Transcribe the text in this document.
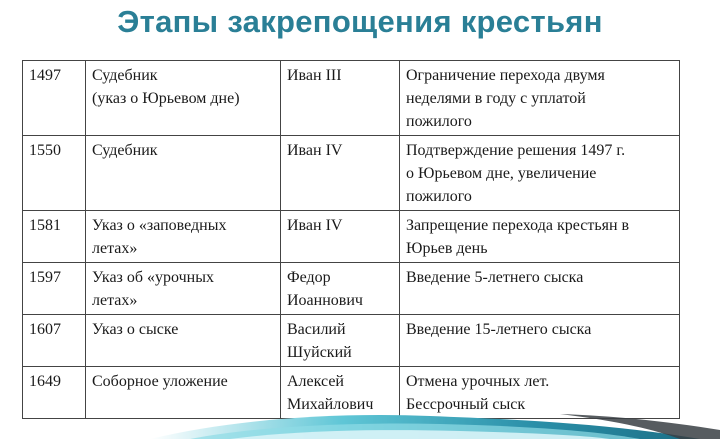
Этапы закрепощения крестьян
1497	Судебник
(указ о Юрьевом дне)	Иван III	Ограничение перехода двумя
неделями в году с уплатой
пожилого

1550	Судебник	Иван IV	Подтверждение решения 1497 г.
о Юрьевом дне, увеличение
пожилого

1581	Указ о «заповедных
летах»	Иван IV	Запрещение перехода крестьян в
Юрьев день

1597	Указ об «урочных
летах»	Федор
Иоаннович	Введение 5-летнего сыска

1607	Указ о сыске	Василий
Шуйский	Введение 15-летнего сыска

1649	Соборное уложение	Алексей
Михайлович	Отмена урочных лет.
Бессрочный сыск
